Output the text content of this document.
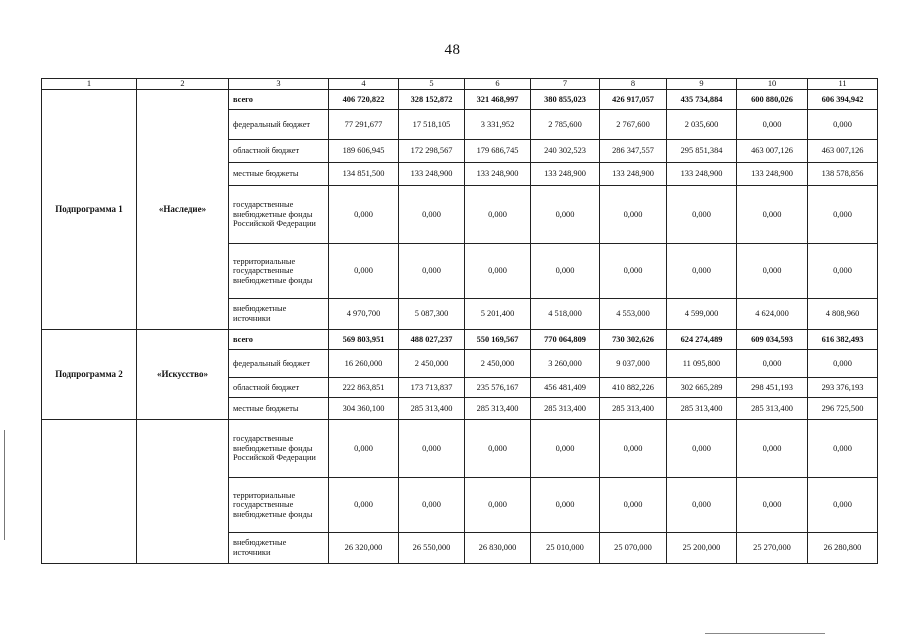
48
1	2	3	4	5	6	7	8	9	10	11
Подпрограмма 1	«Наследие»	всего	406 720,822	328 152,872	321 468,997	380 855,023	426 917,057	435 734,884	600 880,026	606 394,942
		федеральный бюджет	77 291,677	17 518,105	3 331,952	2 785,600	2 767,600	2 035,600	0,000	0,000
		областной бюджет	189 606,945	172 298,567	179 686,745	240 302,523	286 347,557	295 851,384	463 007,126	463 007,126
		местные бюджеты	134 851,500	133 248,900	133 248,900	133 248,900	133 248,900	133 248,900	133 248,900	138 578,856
		государственные внебюджетные фонды Российской Федерации	0,000	0,000	0,000	0,000	0,000	0,000	0,000	0,000
		территориальные государственные внебюджетные фонды	0,000	0,000	0,000	0,000	0,000	0,000	0,000	0,000
		внебюджетные источники	4 970,700	5 087,300	5 201,400	4 518,000	4 553,000	4 599,000	4 624,000	4 808,960
Подпрограмма 2	«Искусство»	всего	569 803,951	488 027,237	550 169,567	770 064,809	730 302,626	624 274,489	609 034,593	616 382,493
		федеральный бюджет	16 260,000	2 450,000	2 450,000	3 260,000	9 037,000	11 095,800	0,000	0,000
		областной бюджет	222 863,851	173 713,837	235 576,167	456 481,409	410 882,226	302 665,289	298 451,193	293 376,193
		местные бюджеты	304 360,100	285 313,400	285 313,400	285 313,400	285 313,400	285 313,400	285 313,400	296 725,500
		государственные внебюджетные фонды Российской Федерации	0,000	0,000	0,000	0,000	0,000	0,000	0,000	0,000
		территориальные государственные внебюджетные фонды	0,000	0,000	0,000	0,000	0,000	0,000	0,000	0,000
		внебюджетные источники	26 320,000	26 550,000	26 830,000	25 010,000	25 070,000	25 200,000	25 270,000	26 280,800
